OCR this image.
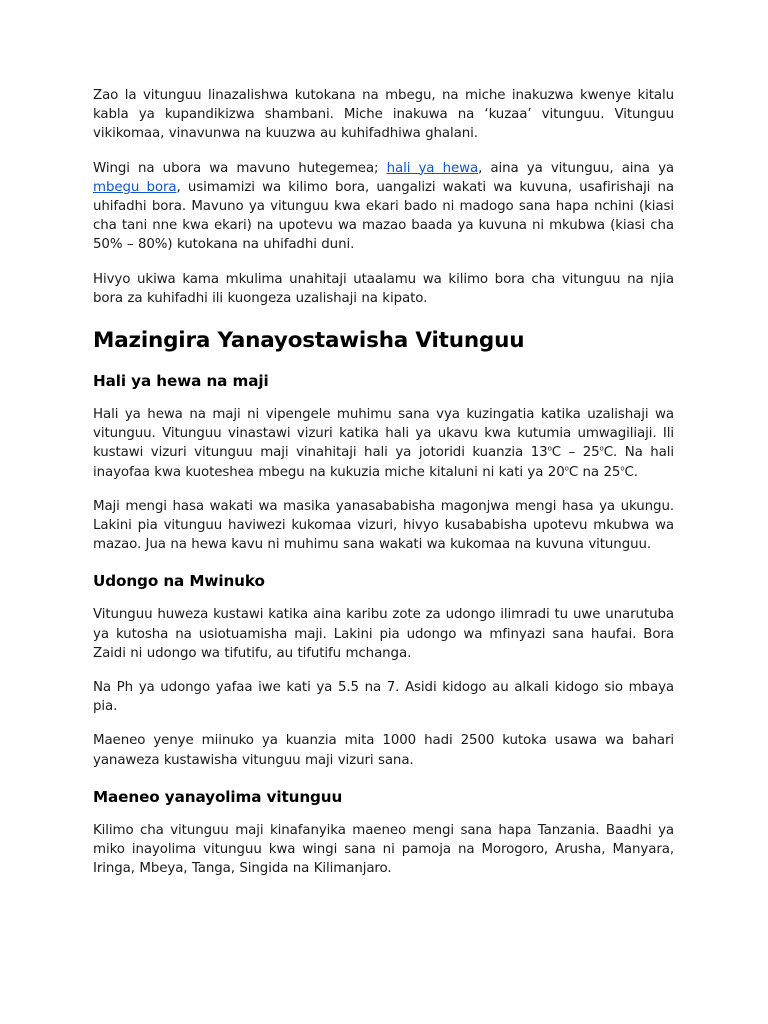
Zao la vitunguu linazalishwa kutokana na mbegu, na miche inakuzwa kwenye kitalu kabla ya kupandikizwa shambani. Miche inakuwa na ‘kuzaa’ vitunguu. Vitunguu vikikomaa, vinavunwa na kuuzwa au kuhifadhiwa ghalani.

Wingi na ubora wa mavuno hutegemea; hali ya hewa, aina ya vitunguu, aina ya mbegu bora, usimamizi wa kilimo bora, uangalizi wakati wa kuvuna, usafirishaji na uhifadhi bora. Mavuno ya vitunguu kwa ekari bado ni madogo sana hapa nchini (kiasi cha tani nne kwa ekari) na upotevu wa mazao baada ya kuvuna ni mkubwa (kiasi cha 50% – 80%) kutokana na uhifadhi duni.

Hivyo ukiwa kama mkulima unahitaji utaalamu wa kilimo bora cha vitunguu na njia bora za kuhifadhi ili kuongeza uzalishaji na kipato.

Mazingira Yanayostawisha Vitunguu
Hali ya hewa na maji

Hali ya hewa na maji ni vipengele muhimu sana vya kuzingatia katika uzalishaji wa vitunguu. Vitunguu vinastawi vizuri katika hali ya ukavu kwa kutumia umwagiliaji. Ili kustawi vizuri vitunguu maji vinahitaji hali ya jotoridi kuanzia 13$^o$C – 25$^o$C. Na hali inayofaa kwa kuoteshea mbegu na kukuzia miche kitaluni ni kati ya 20$^o$C na 25$^o$C.

Maji mengi hasa wakati wa masika yanasababisha magonjwa mengi hasa ya ukungu. Lakini pia vitunguu haviwezi kukomaa vizuri, hivyo kusababisha upotevu mkubwa wa mazao. Jua na hewa kavu ni muhimu sana wakati wa kukomaa na kuvuna vitunguu.

Udongo na Mwinuko

Vitunguu huweza kustawi katika aina karibu zote za udongo ilimradi tu uwe unarutuba ya kutosha na usiotuamisha maji. Lakini pia udongo wa mfinyazi sana haufai. Bora Zaidi ni udongo wa tifutifu, au tifutifu mchanga.

Na Ph ya udongo yafaa iwe kati ya 5.5 na 7. Asidi kidogo au alkali kidogo sio mbaya pia.

Maeneo yenye miinuko ya kuanzia mita 1000 hadi 2500 kutoka usawa wa bahari yanaweza kustawisha vitunguu maji vizuri sana.

Maeneo yanayolima vitunguu

Kilimo cha vitunguu maji kinafanyika maeneo mengi sana hapa Tanzania. Baadhi ya miko inayolima vitunguu kwa wingi sana ni pamoja na Morogoro, Arusha, Manyara, Iringa, Mbeya, Tanga, Singida na Kilimanjaro.
